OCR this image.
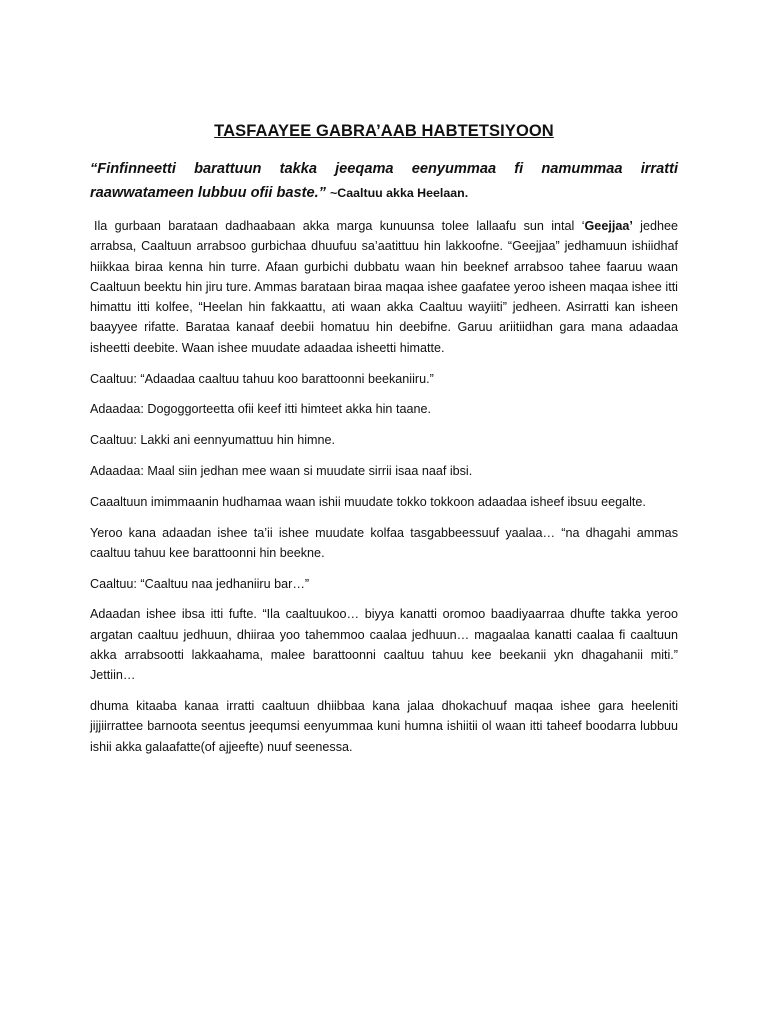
TASFAAYEE GABRA’AAB HABTETSIYOON
“Finfinneetti barattuun takka jeeqama eenyummaa fi namummaa irratti raawwatameen lubbuu ofii baste.” ~Caaltuu akka Heelaan.

Ila gurbaan barataan dadhaabaan akka marga kunuunsa tolee lallaafu sun intal ‘Geejjaa’ jedhee arrabsa, Caaltuun arrabsoo gurbichaa dhuufuu sa’aatittuu hin lakkoofne. “Geejjaa” jedhamuun ishiidhaf hiikkaa biraa kenna hin turre. Afaan gurbichi dubbatu waan hin beeknef arrabsoo tahee faaruu waan Caaltuun beektu hin jiru ture. Ammas barataan biraa maqaa ishee gaafatee yeroo isheen maqaa ishee itti himattu itti kolfee, “Heelan hin fakkaattu, ati waan akka Caaltuu wayiiti” jedheen. Asirratti kan isheen baayyee rifatte. Barataa kanaaf deebii homatuu hin deebifne. Garuu ariitiidhan gara mana adaadaa isheetti deebite. Waan ishee muudate adaadaa isheetti himatte.

Caaltuu: “Adaadaa caaltuu tahuu koo barattoonni beekaniiru.”

Adaadaa: Dogoggorteetta ofii keef itti himteet akka hin taane.

Caaltuu: Lakki ani eennyumattuu hin himne.

Adaadaa: Maal siin jedhan mee waan si muudate sirrii isaa naaf ibsi.

Caaaltuun imimmaanin hudhamaa waan ishii muudate tokko tokkoon adaadaa isheef ibsuu eegalte.

Yeroo kana adaadan ishee ta’ii ishee muudate kolfaa tasgabbeessuuf yaalaa… “na dhagahi ammas caaltuu tahuu kee barattoonni hin beekne.

Caaltuu: “Caaltuu naa jedhaniiru bar…”

Adaadan ishee ibsa itti fufte. “Ila caaltuukoo… biyya kanatti oromoo baadiyaarraa dhufte takka yeroo argatan caaltuu jedhuun, dhiiraa yoo tahemmoo caalaa jedhuun… magaalaa kanatti caalaa fi caaltuun akka arrabsootti lakkaahama, malee barattoonni caaltuu tahuu kee beekanii ykn dhagahanii miti.” Jettiin…

dhuma kitaaba kanaa irratti caaltuun dhiibbaa kana jalaa dhokachuuf maqaa ishee gara heeleniti jijjiirrattee barnoota seentus jeequmsi eenyummaa kuni humna ishiitii ol waan itti taheef boodarra lubbuu ishii akka galaafatte(of ajjeefte) nuuf seenessa.
